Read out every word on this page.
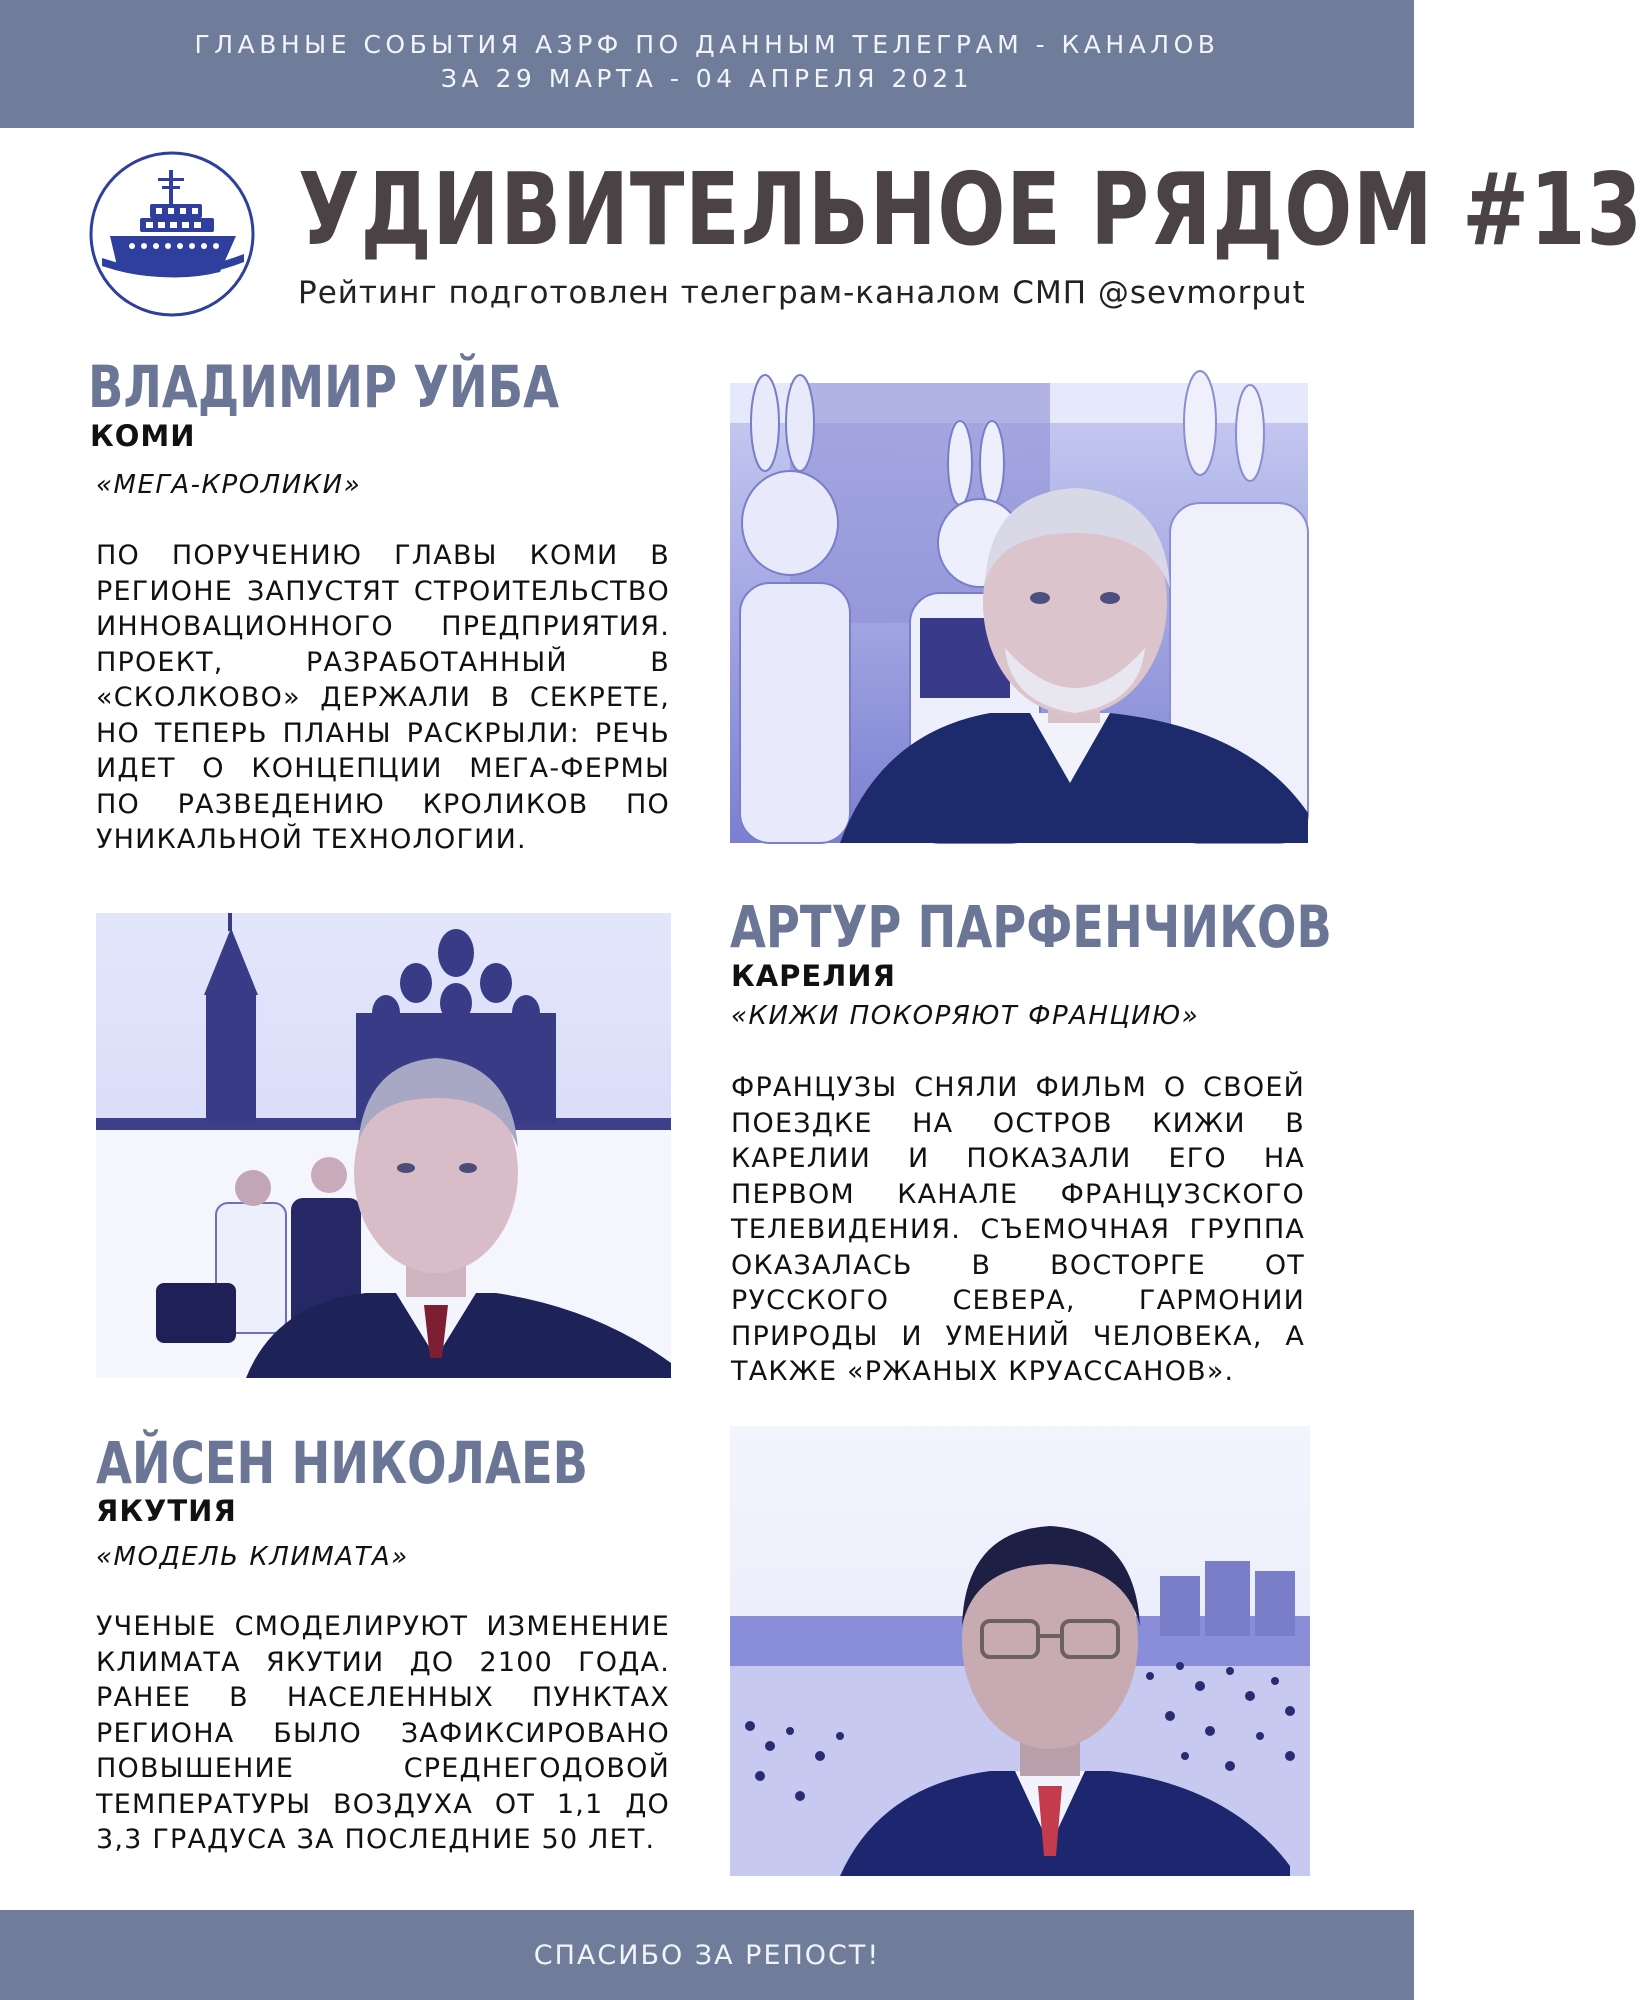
ГЛАВНЫЕ СОБЫТИЯ АЗРФ ПО ДАННЫМ ТЕЛЕГРАМ - КАНАЛОВ
ЗА 29 МАРТА - 04 АПРЕЛЯ 2021
УДИВИТЕЛЬНОЕ РЯДОМ #13
Рейтинг подготовлен телеграм-каналом СМП @sevmorput
ВЛАДИМИР УЙБА
КОМИ
«МЕГА-КРОЛИКИ»
ПО ПОРУЧЕНИЮ ГЛАВЫ КОМИ В РЕГИОНЕ ЗАПУСТЯТ СТРОИТЕЛЬСТВО ИННОВАЦИОННОГО ПРЕДПРИЯТИЯ. ПРОЕКТ, РАЗРАБОТАННЫЙ В «СКОЛКОВО» ДЕРЖАЛИ В СЕКРЕТЕ, НО ТЕПЕРЬ ПЛАНЫ РАСКРЫЛИ: РЕЧЬ ИДЕТ О КОНЦЕПЦИИ МЕГА-ФЕРМЫ ПО РАЗВЕДЕНИЮ КРОЛИКОВ ПО УНИКАЛЬНОЙ ТЕХНОЛОГИИ.
АРТУР ПАРФЕНЧИКОВ
КАРЕЛИЯ
«КИЖИ ПОКОРЯЮТ ФРАНЦИЮ»
ФРАНЦУЗЫ СНЯЛИ ФИЛЬМ О СВОЕЙ ПОЕЗДКЕ НА ОСТРОВ КИЖИ В КАРЕЛИИ И ПОКАЗАЛИ ЕГО НА ПЕРВОМ КАНАЛЕ ФРАНЦУЗСКОГО ТЕЛЕВИДЕНИЯ. СЪЕМОЧНАЯ ГРУППА ОКАЗАЛАСЬ В ВОСТОРГЕ ОТ РУССКОГО СЕВЕРА, ГАРМОНИИ ПРИРОДЫ И УМЕНИЙ ЧЕЛОВЕКА, А ТАКЖЕ «РЖАНЫХ КРУАССАНОВ».
АЙСЕН НИКОЛАЕВ
ЯКУТИЯ
«МОДЕЛЬ КЛИМАТА»
УЧЕНЫЕ СМОДЕЛИРУЮТ ИЗМЕНЕНИЕ КЛИМАТА ЯКУТИИ ДО 2100 ГОДА. РАНЕЕ В НАСЕЛЕННЫХ ПУНКТАХ РЕГИОНА БЫЛО ЗАФИКСИРОВАНО ПОВЫШЕНИЕ СРЕДНЕГОДОВОЙ ТЕМПЕРАТУРЫ ВОЗДУХА ОТ 1,1 ДО 3,3 ГРАДУСА ЗА ПОСЛЕДНИЕ 50 ЛЕТ.
СПАСИБО ЗА РЕПОСТ!
